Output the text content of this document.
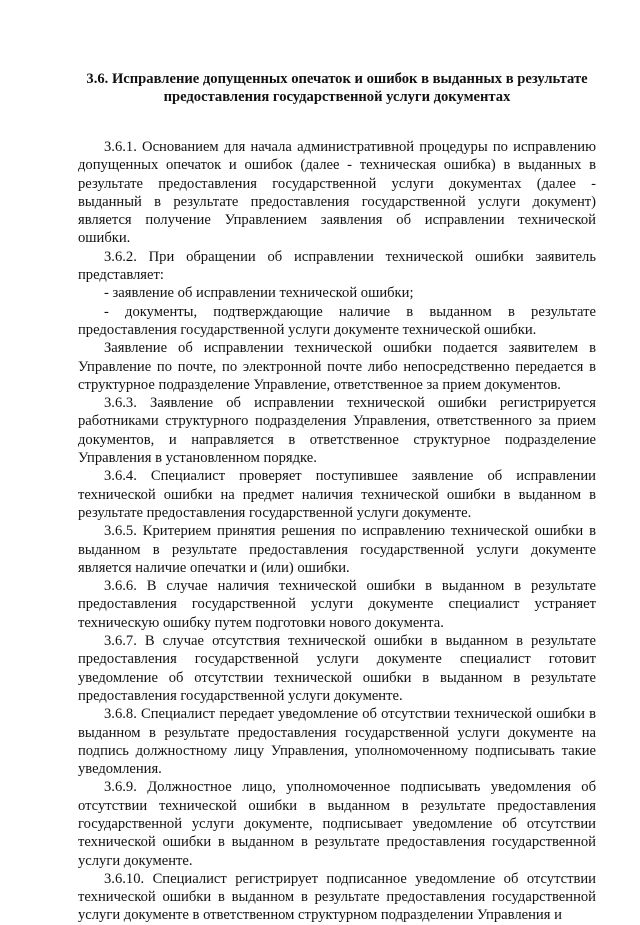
3.6. Исправление допущенных опечаток и ошибок в выданных в результате предоставления государственной услуги документах

3.6.1. Основанием для начала административной процедуры по исправлению допущенных опечаток и ошибок (далее - техническая ошибка) в выданных в результате предоставления государственной услуги документах (далее - выданный в результате предоставления государственной услуги документ) является получение Управлением заявления об исправлении технической ошибки.

3.6.2. При обращении об исправлении технической ошибки заявитель представляет:

- заявление об исправлении технической ошибки;

- документы, подтверждающие наличие в выданном в результате предоставления государственной услуги документе технической ошибки.

Заявление об исправлении технической ошибки подается заявителем в Управление по почте, по электронной почте либо непосредственно передается в структурное подразделение Управление, ответственное за прием документов.

3.6.3. Заявление об исправлении технической ошибки регистрируется работниками структурного подразделения Управления, ответственного за прием документов, и направляется в ответственное структурное подразделение Управления в установленном порядке.

3.6.4. Специалист проверяет поступившее заявление об исправлении технической ошибки на предмет наличия технической ошибки в выданном в результате предоставления государственной услуги документе.

3.6.5. Критерием принятия решения по исправлению технической ошибки в выданном в результате предоставления государственной услуги документе является наличие опечатки и (или) ошибки.

3.6.6. В случае наличия технической ошибки в выданном в результате предоставления государственной услуги документе специалист устраняет техническую ошибку путем подготовки нового документа.

3.6.7. В случае отсутствия технической ошибки в выданном в результате предоставления государственной услуги документе специалист готовит уведомление об отсутствии технической ошибки в выданном в результате предоставления государственной услуги документе.

3.6.8. Специалист передает уведомление об отсутствии технической ошибки в выданном в результате предоставления государственной услуги документе на подпись должностному лицу Управления, уполномоченному подписывать такие уведомления.

3.6.9. Должностное лицо, уполномоченное подписывать уведомления об отсутствии технической ошибки в выданном в результате предоставления государственной услуги документе, подписывает уведомление об отсутствии технической ошибки в выданном в результате предоставления государственной услуги документе.

3.6.10. Специалист регистрирует подписанное уведомление об отсутствии технической ошибки в выданном в результате предоставления государственной услуги документе в ответственном структурном подразделении Управления и
